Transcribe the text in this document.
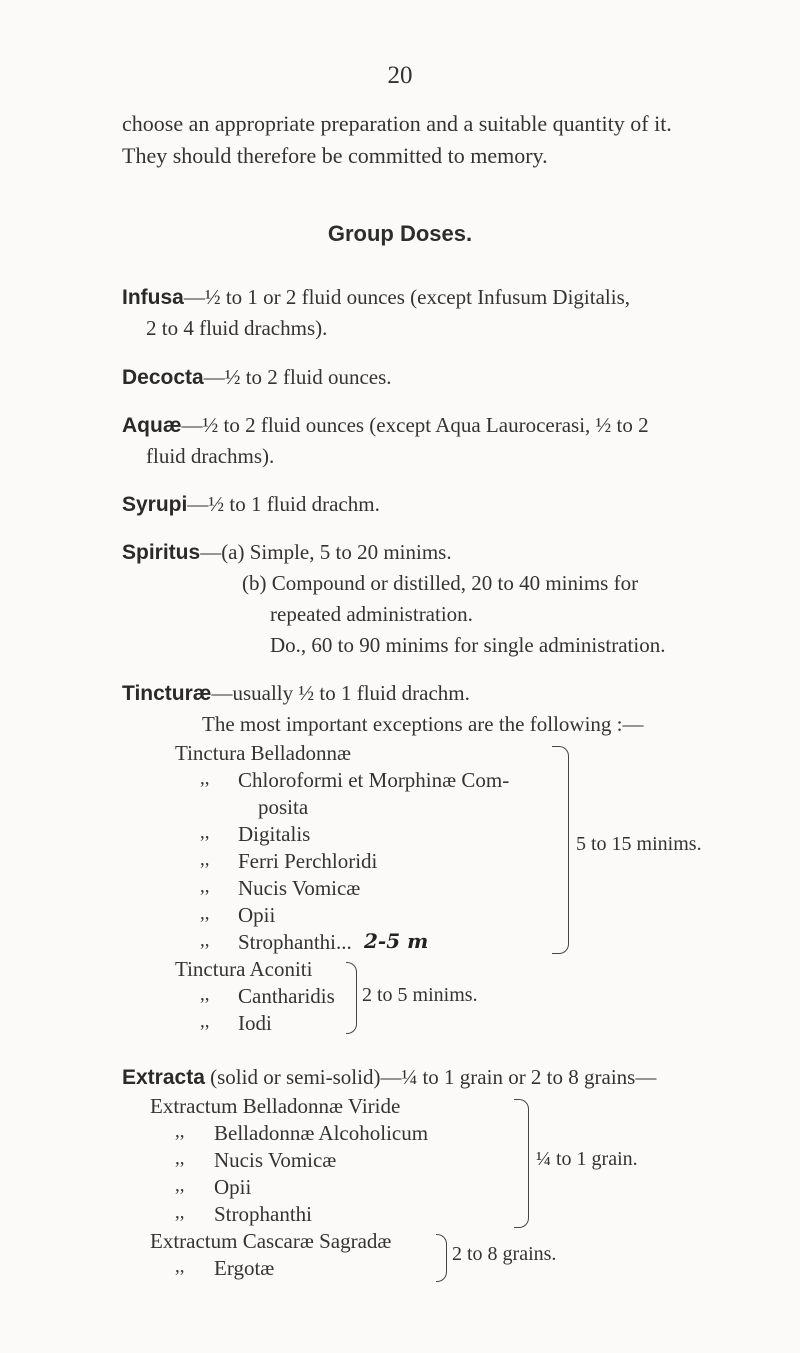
20
choose an appropriate preparation and a suitable quantity of it.
They should therefore be committed to memory.
Group Doses.
Infusa—½ to 1 or 2 fluid ounces (except Infusum Digitalis,
2 to 4 fluid drachms).
Decocta—½ to 2 fluid ounces.
Aquæ—½ to 2 fluid ounces (except Aqua Laurocerasi, ½ to 2
fluid drachms).
Syrupi—½ to 1 fluid drachm.
Spiritus—(a) Simple, 5 to 20 minims.
(b) Compound or distilled, 20 to 40 minims for
repeated administration.
Do., 60 to 90 minims for single administration.
Tincturæ—usually ½ to 1 fluid drachm.
The most important exceptions are the following :—
Tinctura Belladonnæ
,, Chloroformi et Morphinæ Com-
posita
,, Digitalis
,, Ferri Perchloridi
,, Nucis Vomicæ
,, Opii
,, Strophanthi... 2-5 m
5 to 15 minims.
Tinctura Aconiti
,, Cantharidis
,, Iodi
2 to 5 minims.
Extracta (solid or semi-solid)—¼ to 1 grain or 2 to 8 grains—
Extractum Belladonnæ Viride
,, Belladonnæ Alcoholicum
,, Nucis Vomicæ
,, Opii
,, Strophanthi
¼ to 1 grain.
Extractum Cascaræ Sagradæ
,, Ergotæ
2 to 8 grains.
